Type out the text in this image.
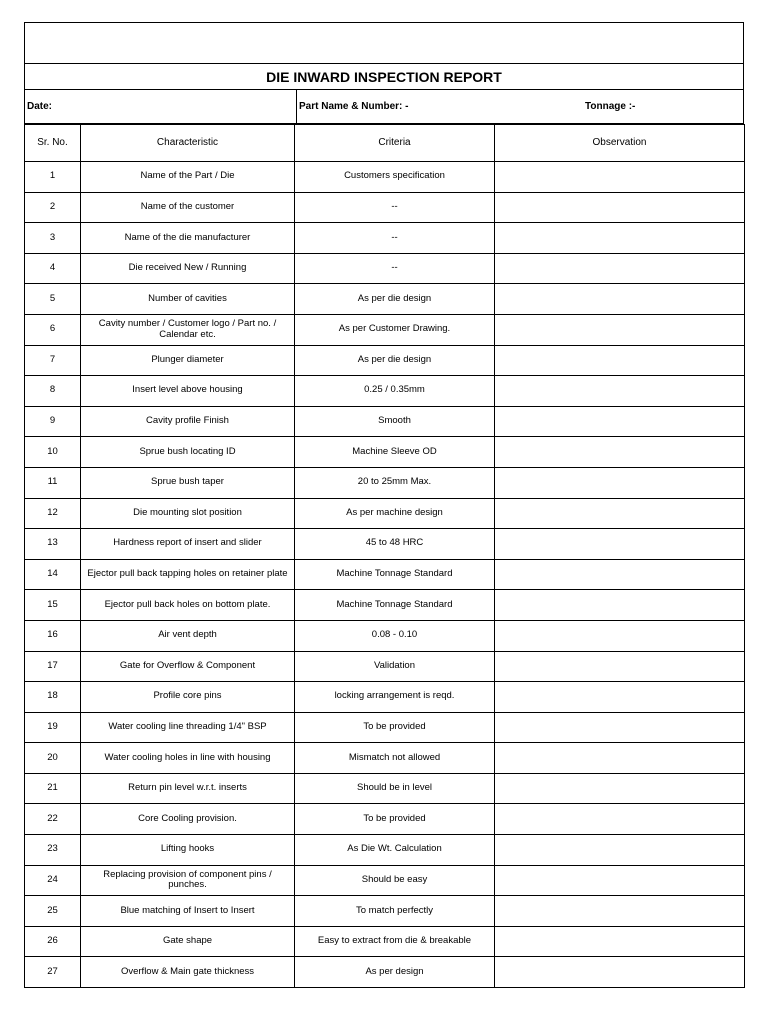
DIE INWARD INSPECTION REPORT
Date:	Part Name & Number: -	Tonnage :-
Sr. No.	Characteristic	Criteria	Observation
1	Name of the Part / Die	Customers specification	
2	Name of the customer	--	
3	Name of the die manufacturer	--	
4	Die received New / Running	--	
5	Number of cavities	As per die design	
6	Cavity number / Customer logo / Part no. / Calendar etc.	As per Customer Drawing.	
7	Plunger diameter	As per die design	
8	Insert level above housing	0.25 / 0.35mm	
9	Cavity profile Finish	Smooth	
10	Sprue bush locating ID	Machine Sleeve OD	
11	Sprue bush taper	20 to 25mm Max.	
12	Die mounting slot position	As per machine design	
13	Hardness report of insert and slider	45 to 48 HRC	
14	Ejector pull back tapping holes on retainer plate	Machine Tonnage Standard	
15	Ejector pull back holes on bottom plate.	Machine Tonnage Standard	
16	Air vent depth	0.08 - 0.10	
17	Gate for Overflow & Component	Validation	
18	Profile core pins	locking arrangement is reqd.	
19	Water cooling line threading 1/4" BSP	To be provided	
20	Water cooling holes in line with housing	Mismatch not allowed	
21	Return pin level w.r.t. inserts	Should be in level	
22	Core Cooling provision.	To be provided	
23	Lifting hooks	As Die Wt. Calculation	
24	Replacing provision of component pins / punches.	Should be easy	
25	Blue matching of Insert to Insert	To match perfectly	
26	Gate shape	Easy to extract from die & breakable	
27	Overflow & Main gate thickness	As per design	
